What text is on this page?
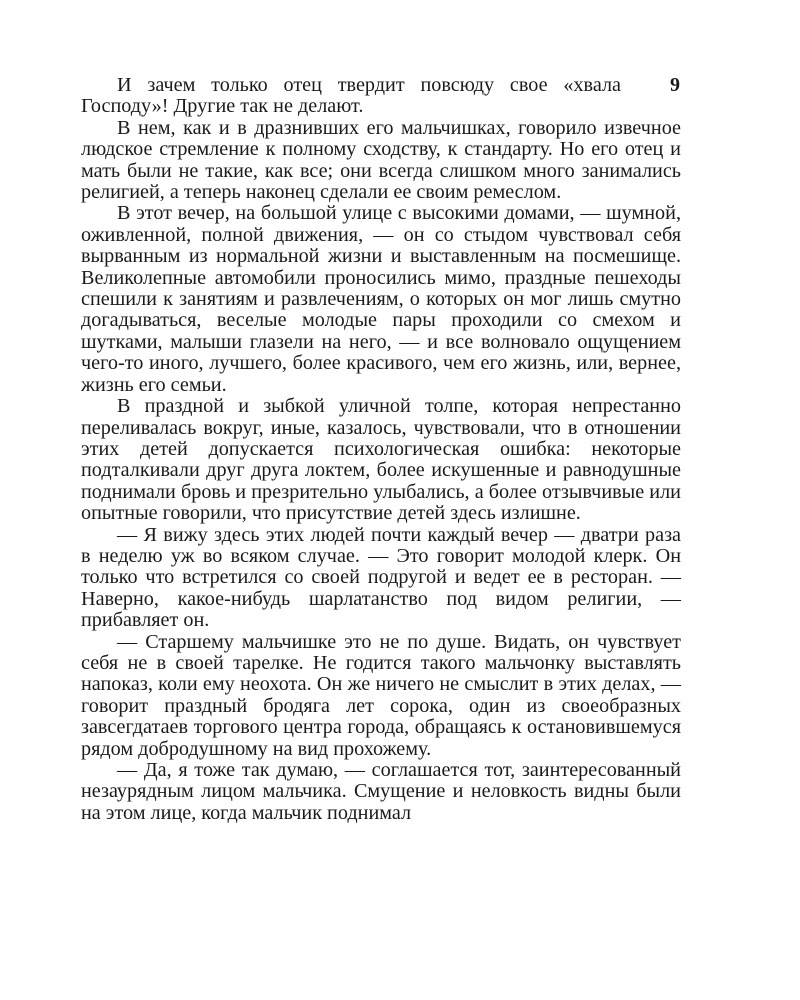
9

И зачем только отец твердит повсюду свое «хвала Господу»! Другие так не делают.

В нем, как и в дразнивших его мальчишках, говорило извечное людское стремление к полному сходству, к стандарту. Но его отец и мать были не такие, как все; они всегда слишком много занимались религией, а теперь наконец сделали ее своим ремеслом.

В этот вечер, на большой улице с высокими домами, — шумной, оживленной, полной движения, — он со стыдом чувствовал себя вырванным из нормальной жизни и выставленным на посмешище. Великолепные автомобили проносились мимо, праздные пешеходы спешили к занятиям и развлечениям, о которых он мог лишь смутно догадываться, веселые молодые пары проходили со смехом и шутками, малыши глазели на него, — и все волновало ощущением чего-то иного, лучшего, более красивого, чем его жизнь, или, вернее, жизнь его семьи.

В праздной и зыбкой уличной толпе, которая непрестанно переливалась вокруг, иные, казалось, чувствовали, что в отношении этих детей допускается психологическая ошибка: некоторые подталкивали друг друга локтем, более искушенные и равнодушные поднимали бровь и презрительно улыбались, а более отзывчивые или опытные говорили, что присутствие детей здесь излишне.

— Я вижу здесь этих людей почти каждый вечер — дватри раза в неделю уж во всяком случае. — Это говорит молодой клерк. Он только что встретился со своей подругой и ведет ее в ресторан. — Наверно, какое-нибудь шарлатанство под видом религии, — прибавляет он.

— Старшему мальчишке это не по душе. Видать, он чувствует себя не в своей тарелке. Не годится такого мальчонку выставлять напоказ, коли ему неохота. Он же ничего не смыслит в этих делах, — говорит праздный бродяга лет сорока, один из своеобразных завсегдатаев торгового центра города, обращаясь к остановившемуся рядом добродушному на вид прохожему.

— Да, я тоже так думаю, — соглашается тот, заинтересованный незаурядным лицом мальчика. Смущение и неловкость видны были на этом лице, когда мальчик поднимал
